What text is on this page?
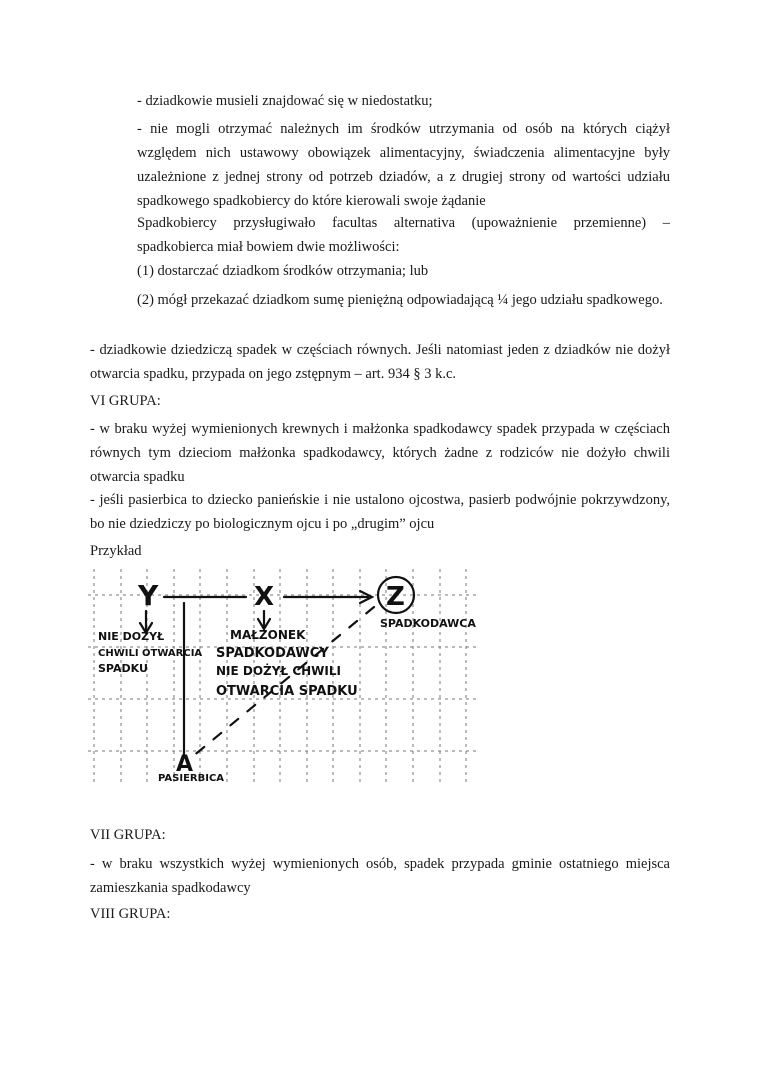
- dziadkowie musieli znajdować się w niedostatku;

- nie mogli otrzymać należnych im środków utrzymania od osób na których ciążył względem nich ustawowy obowiązek alimentacyjny, świadczenia alimentacyjne były uzależnione z jednej strony od potrzeb dziadów, a z drugiej strony od wartości udziału spadkowego spadkobiercy do które kierowali swoje żądanie

Spadkobiercy przysługiwało facultas alternativa (upoważnienie przemienne) – spadkobierca miał bowiem dwie możliwości:

(1) dostarczać dziadkom środków otrzymania; lub

(2) mógł przekazać dziadkom sumę pieniężną odpowiadającą ¼ jego udziału spadkowego.

- dziadkowie dziedziczą spadek w częściach równych. Jeśli natomiast jeden z dziadków nie dożył otwarcia spadku, przypada on jego zstępnym – art. 934 § 3 k.c.

VI GRUPA:

- w braku wyżej wymienionych krewnych i małżonka spadkodawcy spadek przypada w częściach równych tym dzieciom małżonka spadkodawcy, których żadne z rodziców nie dożyło chwili otwarcia spadku

- jeśli pasierbica to dziecko panieńskie i nie ustalono ojcostwa, pasierb podwójnie pokrzywdzony, bo nie dziedziczy po biologicznym ojcu i po „drugim” ojcu

Przykład

Y	X	Z
A
SPADKODAWCA
NIE DOŻYŁ
CHWILI OTWARCIA
SPADKU
MAŁŻONEK
SPADKODAWCY
NIE DOŻYŁ CHWILI
OTWARCIA SPADKU
PASIERBICA

VII GRUPA:

- w braku wszystkich wyżej wymienionych osób, spadek przypada gminie ostatniego miejsca zamieszkania spadkodawcy

VIII GRUPA:
